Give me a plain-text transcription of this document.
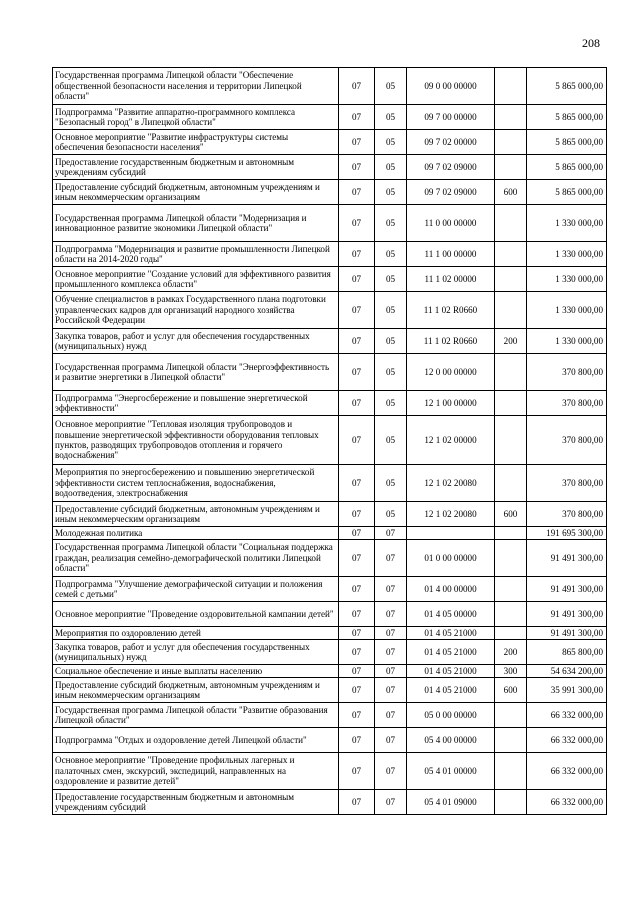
208
Государственная программа Липецкой области "Обеспечение общественной безопасности населения и территории Липецкой области"	07	05	09 0 00 00000		5 865 000,00
Подпрограмма "Развитие аппаратно-программного комплекса "Безопасный город" в Липецкой области"	07	05	09 7 00 00000		5 865 000,00
Основное мероприятие "Развитие инфраструктуры системы обеспечения безопасности населения"	07	05	09 7 02 00000		5 865 000,00
Предоставление государственным бюджетным и автономным учреждениям субсидий	07	05	09 7 02 09000		5 865 000,00
Предоставление субсидий бюджетным, автономным учреждениям и иным некоммерческим организациям	07	05	09 7 02 09000	600	5 865 000,00
Государственная программа Липецкой области "Модернизация и инновационное развитие экономики Липецкой области"	07	05	11 0 00 00000		1 330 000,00
Подпрограмма "Модернизация и развитие промышленности Липецкой области на 2014-2020 годы"	07	05	11 1 00 00000		1 330 000,00
Основное мероприятие "Создание условий для эффективного развития промышленного комплекса области"	07	05	11 1 02 00000		1 330 000,00
Обучение специалистов в рамках Государственного плана подготовки управленческих кадров для организаций народного хозяйства Российской Федерации	07	05	11 1 02 R0660		1 330 000,00
Закупка товаров, работ и услуг для обеспечения государственных (муниципальных) нужд	07	05	11 1 02 R0660	200	1 330 000,00
Государственная программа Липецкой области "Энергоэффективность и развитие энергетики в Липецкой области"	07	05	12 0 00 00000		370 800,00
Подпрограмма "Энергосбережение и повышение энергетической эффективности"	07	05	12 1 00 00000		370 800,00
Основное мероприятие "Тепловая изоляция трубопроводов и повышение энергетической эффективности оборудования тепловых пунктов, разводящих трубопроводов отопления и горячего водоснабжения"	07	05	12 1 02 00000		370 800,00
Мероприятия по энергосбережению и повышению энергетической эффективности систем теплоснабжения, водоснабжения, водоотведения, электроснабжения	07	05	12 1 02 20080		370 800,00
Предоставление субсидий бюджетным, автономным учреждениям и иным некоммерческим организациям	07	05	12 1 02 20080	600	370 800,00
Молодежная политика	07	07			191 695 300,00
Государственная программа Липецкой области "Социальная поддержка граждан, реализация семейно-демографической политики Липецкой области"	07	07	01 0 00 00000		91 491 300,00
Подпрограмма "Улучшение демографической ситуации и положения семей с детьми"	07	07	01 4 00 00000		91 491 300,00
Основное мероприятие "Проведение оздоровительной кампании детей"	07	07	01 4 05 00000		91 491 300,00
Мероприятия по оздоровлению детей	07	07	01 4 05 21000		91 491 300,00
Закупка товаров, работ и услуг для обеспечения государственных (муниципальных) нужд	07	07	01 4 05 21000	200	865 800,00
Социальное обеспечение и иные выплаты населению	07	07	01 4 05 21000	300	54 634 200,00
Предоставление субсидий бюджетным, автономным учреждениям и иным некоммерческим организациям	07	07	01 4 05 21000	600	35 991 300,00
Государственная программа Липецкой области "Развитие образования Липецкой области"	07	07	05 0 00 00000		66 332 000,00
Подпрограмма "Отдых и оздоровление детей Липецкой области"	07	07	05 4 00 00000		66 332 000,00
Основное мероприятие "Проведение профильных лагерных и палаточных смен, экскурсий, экспедиций, направленных на оздоровление и развитие детей"	07	07	05 4 01 00000		66 332 000,00
Предоставление государственным бюджетным и автономным учреждениям субсидий	07	07	05 4 01 09000		66 332 000,00
